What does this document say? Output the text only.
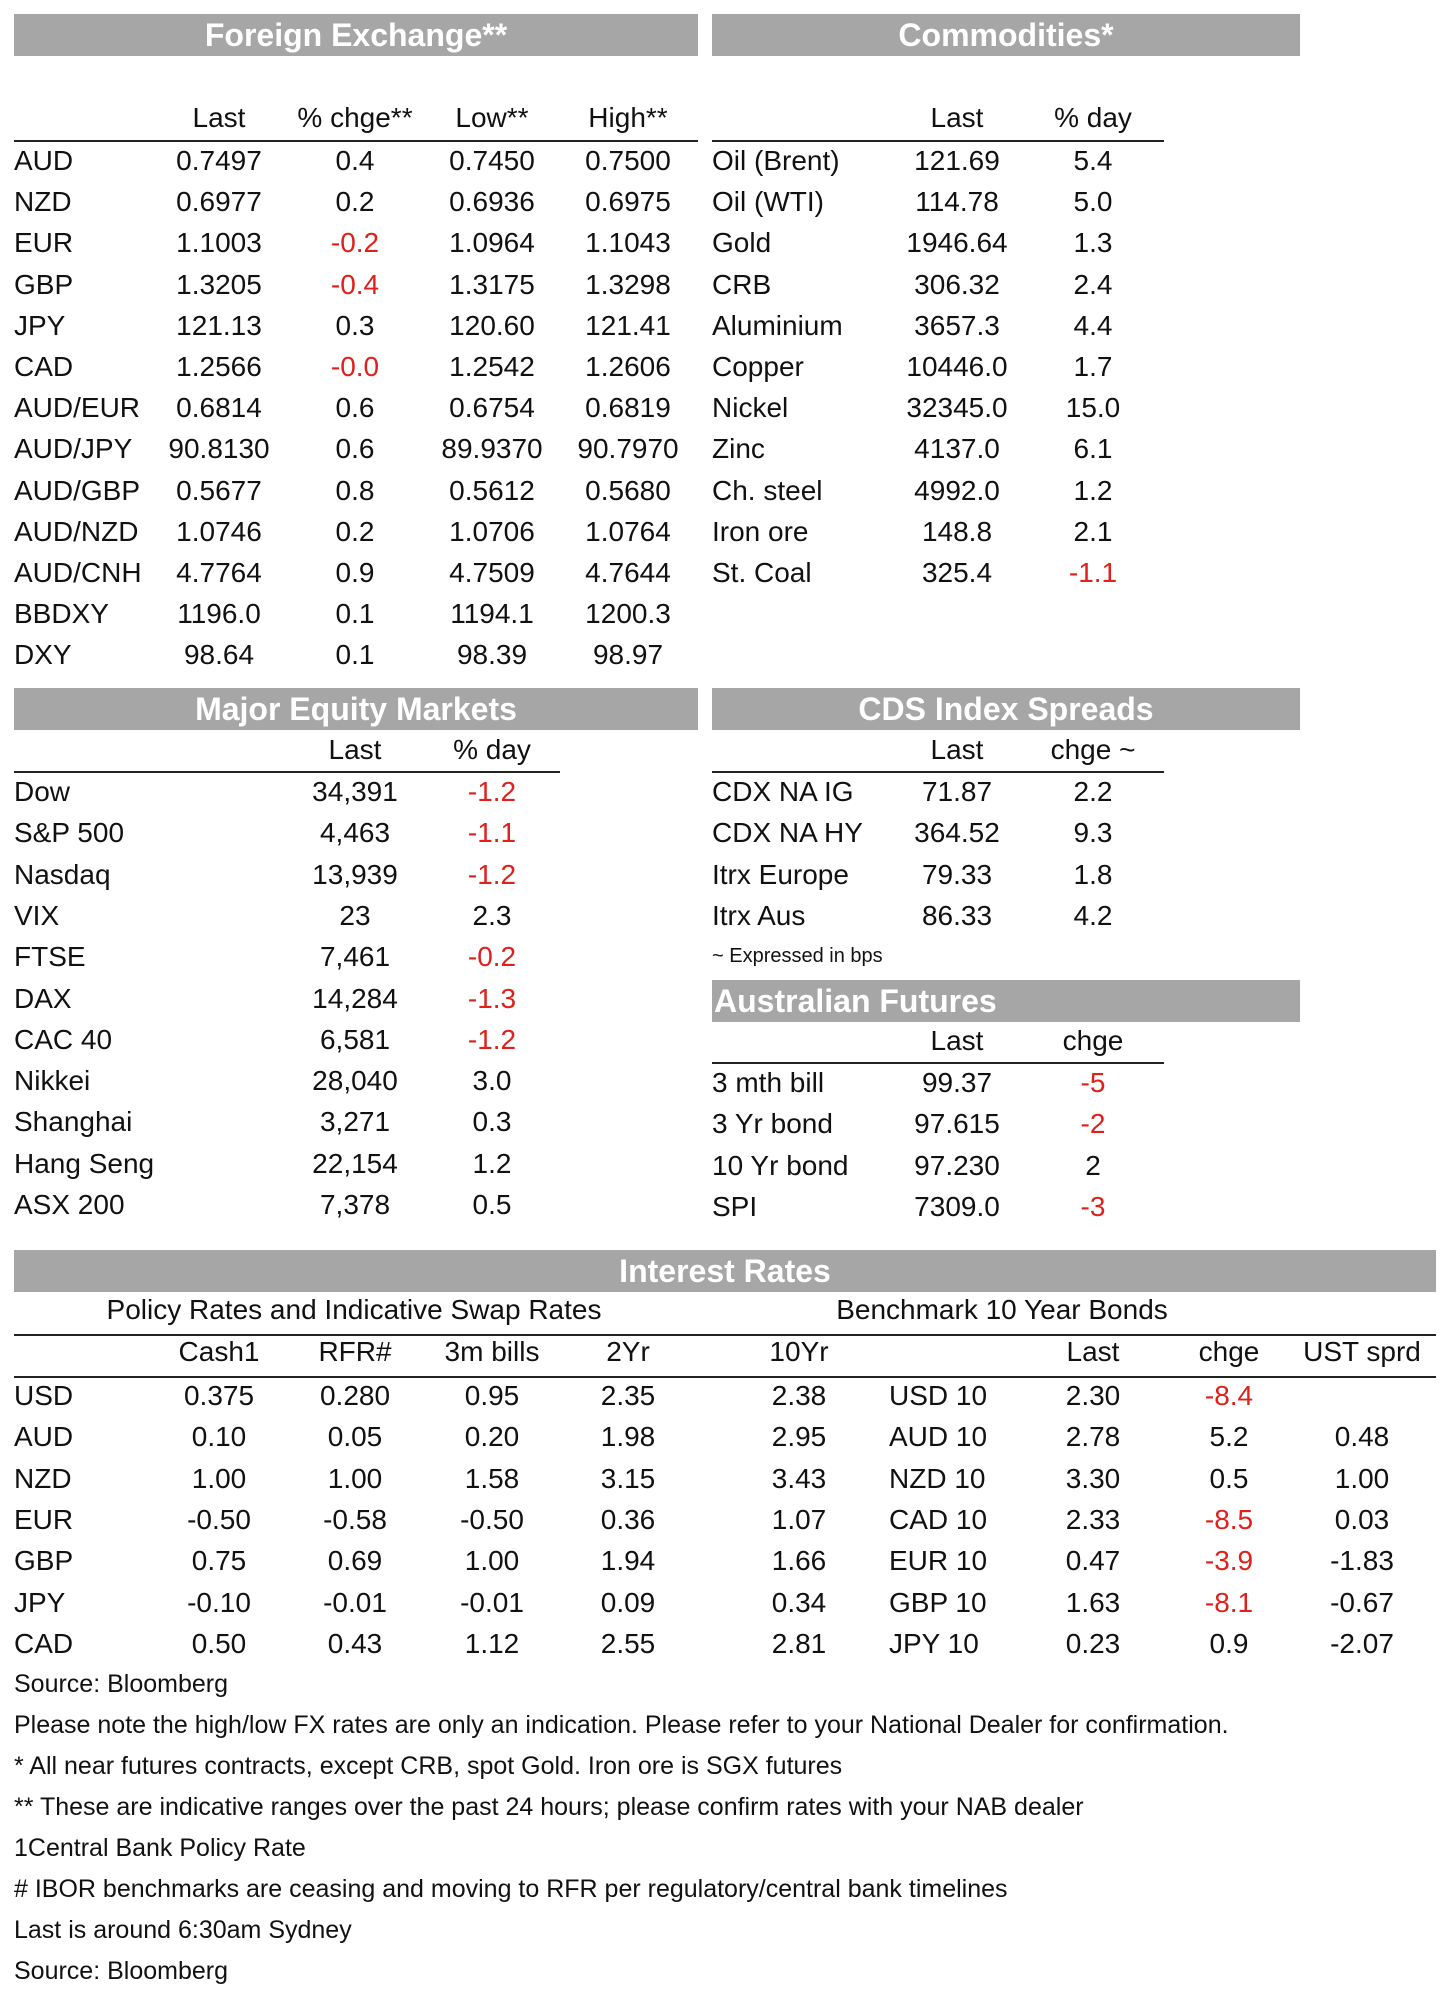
Foreign Exchange**	Commodities*
Major Equity Markets	CDS Index Spreads
Australian Futures
Interest Rates
Last % chge** Low** High**
AUD	0.7497	0.4	0.7450 0.7500
NZD	0.6977	0.2	0.6936 0.6975
EUR	1.1003 -0.2	1.0964 1.1043
GBP	1.3205 -0.4	1.3175 1.3298
JPY	121.13	0.3	120.60 121.41
CAD	1.2566 -0.0	1.2542 1.2606
AUD/EUR 0.6814	0.6	0.6754 0.6819
AUD/JPY 90.8130 0.6 89.9370 90.7970
AUD/GBP 0.5677	0.8	0.5612 0.5680
AUD/NZD 1.0746	0.2	1.0706 1.0764
AUD/CNH 4.7764	0.9	4.7509 4.7644
BBDXY 1196.0	0.1	1194.1 1200.3
DXY	98.64	0.1	98.39 98.97
Last	% day
Oil (Brent)	121.69	5.4
Oil (WTI)	114.78	5.0
Gold	1946.64 1.3
CRB	306.32	2.4
Aluminium	3657.3	4.4
Copper	10446.0 1.7
Nickel	32345.0 15.0
Zinc	4137.0	6.1
Ch. steel	4992.0	1.2
Iron ore	148.8	2.1
St. Coal	325.4	-1.1
Last	% day
Dow	34,391	-1.2
S&P 500	4,463	-1.1
Nasdaq	13,939	-1.2
VIX	23	2.3
FTSE	7,461	-0.2
DAX	14,284	-1.3
CAC 40	6,581	-1.2
Nikkei	28,040	3.0
Shanghai	3,271	0.3
Hang Seng	22,154	1.2
ASX 200	7,378	0.5
Last chge ~
CDX NA IG 71.87	2.2
CDX NA HY 364.52	9.3
Itrx Europe	79.33	1.8
Itrx Aus	86.33	4.2
~ Expressed in bps
Last	chge
3 mth bill	99.37	-5
3 Yr bond	97.615	-2
10 Yr bond 97.230	2
SPI	7309.0	-3
Policy Rates and Indicative Swap Rates	Benchmark 10 Year Bonds
Cash1 RFR# 3m bills 2Yr	10Yr	Last	chge UST sprd
USD	0.375 0.280	0.95	2.35	2.38 USD 10	2.30	-8.4
AUD	0.10	0.05	0.20	1.98	2.95 AUD 10	2.78	5.2	0.48
NZD	1.00	1.00	1.58	3.15	3.43 NZD 10	3.30	0.5	1.00
EUR	-0.50	-0.58	-0.50	0.36	1.07 CAD 10	2.33	-8.5	0.03
GBP	0.75	0.69	1.00	1.94	1.66 EUR 10	0.47	-3.9	-1.83
JPY	-0.10	-0.01	-0.01	0.09	0.34 GBP 10	1.63	-8.1	-0.67
CAD	0.50	0.43	1.12	2.55	2.81 JPY 10	0.23	0.9	-2.07
Source: Bloomberg
Please note the high/low FX rates are only an indication. Please refer to your National Dealer for confirmation.
* All near futures contracts, except CRB, spot Gold. Iron ore is SGX futures
** These are indicative ranges over the past 24 hours; please confirm rates with your NAB dealer
1Central Bank Policy Rate
# IBOR benchmarks are ceasing and moving to RFR per regulatory/central bank timelines
Last is around 6:30am Sydney
Source: Bloomberg
